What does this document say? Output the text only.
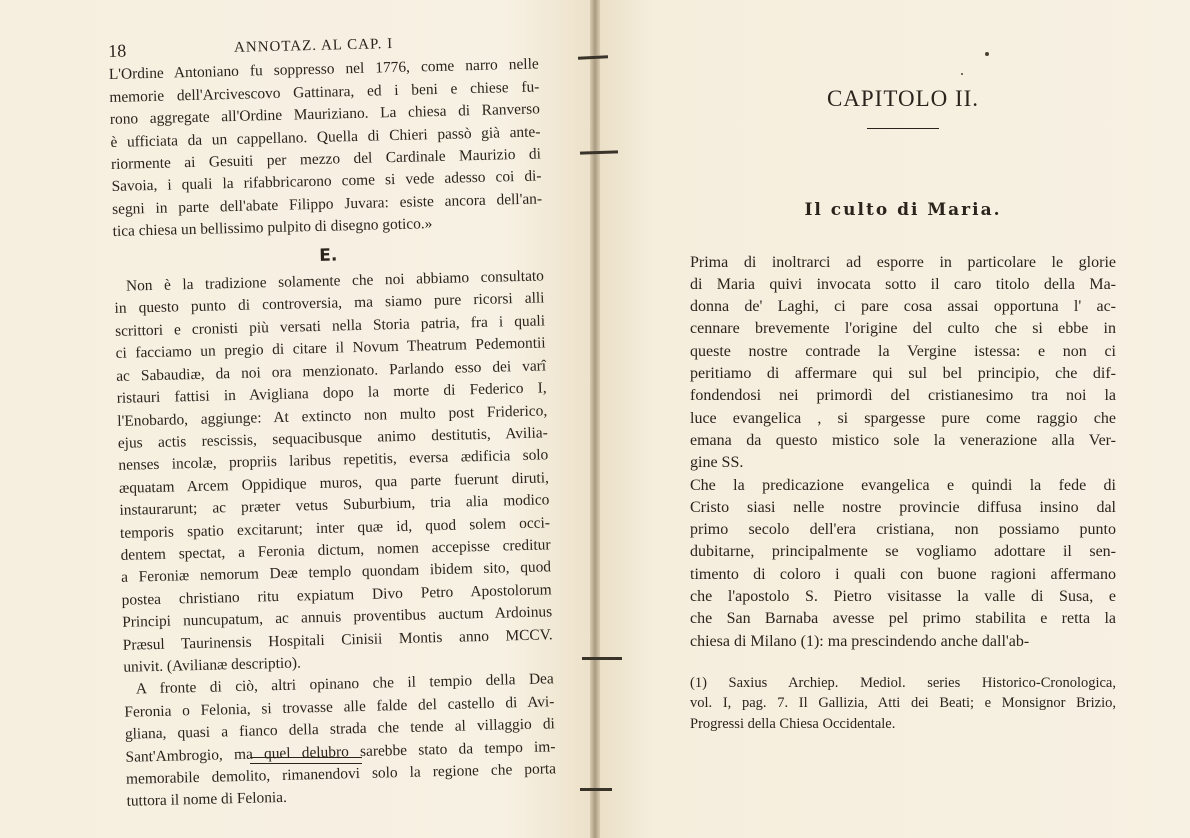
18	ANNOTAZ. AL CAP. I
L'Ordine Antoniano fu soppresso nel 1776, come narro nelle
memorie dell'Arcivescovo Gattinara, ed i beni e chiese fu-
rono aggregate all'Ordine Mauriziano. La chiesa di Ranverso
è ufficiata da un cappellano. Quella di Chieri passò già ante-
riormente ai Gesuiti per mezzo del Cardinale Maurizio di
Savoia, i quali la rifabbricarono come si vede adesso coi di-
segni in parte dell'abate Filippo Juvara: esiste ancora dell'an-
tica chiesa un bellissimo pulpito di disegno gotico.»
E.
Non è la tradizione solamente che noi abbiamo consultato
in questo punto di controversia, ma siamo pure ricorsi alli
scrittori e cronisti più versati nella Storia patria, fra i quali
ci facciamo un pregio di citare il Novum Theatrum Pedemontii
ac Sabaudiæ, da noi ora menzionato. Parlando esso dei varî
ristauri fattisi in Avigliana dopo la morte di Federico I,
l'Enobardo, aggiunge: At extincto non multo post Friderico,
ejus actis rescissis, sequacibusque animo destitutis, Aviliа-
nenses incolæ, propriis laribus repetitis, eversa ædificia solo
æquatam Arcem Oppidique muros, qua parte fuerunt diruti,
instaurarunt; ac præter vetus Suburbium, tria alia modico
temporis spatio excitarunt; inter quæ id, quod solem occi-
dentem spectat, a Feronia dictum, nomen accepisse creditur
a Feroniæ nemorum Deæ templo quondam ibidem sito, quod
postea christiano ritu expiatum Divo Petro Apostolorum
Principi nuncupatum, ac annuis proventibus auctum Ardoinus
Præsul Taurinensis Hospitali Cinisii Montis anno MCCV.
univit. (Avilianæ descriptio).
A fronte di ciò, altri opinano che il tempio della Dea
Feronia o Felonia, si trovasse alle falde del castello di Avi-
gliana, quasi a fianco della strada che tende al villaggio di
Sant'Ambrogio, ma quel delubro sarebbe stato da tempo im-
memorabile demolito, rimanendovi solo la regione che porta
tuttora il nome di Felonia.
CAPITOLO II.
Il culto di Maria.
Prima di inoltrarci ad esporre in particolare le glorie
di Maria quivi invocata sotto il caro titolo della Ma-
donna de' Laghi, ci pare cosa assai opportuna l' ac-
cennare brevemente l'origine del culto che si ebbe in
queste nostre contrade la Vergine istessa: e non ci
peritiamo di affermare qui sul bel principio, che dif-
fondendosi nei primordì del cristianesimo tra noi la
luce evangelica , si spargesse pure come raggio che
emana da questo mistico sole la venerazione alla Ver-
gine SS.
Che la predicazione evangelica e quindi la fede di
Cristo siasi nelle nostre provincie diffusa insino dal
primo secolo dell'era cristiana, non possiamo punto
dubitarne, principalmente se vogliamo adottare il sen-
timento di coloro i quali con buone ragioni affermano
che l'apostolo S. Pietro visitasse la valle di Susa, e
che San Barnaba avesse pel primo stabilita e retta la
chiesa di Milano (1): ma prescindendo anche dall'ab-
(1) Saxius Archiep. Mediol. series Historico-Cronologica,
vol. I, pag. 7. Il Gallizia, Atti dei Beati; e Monsignor Brizio,
Progressi della Chiesa Occidentale.
